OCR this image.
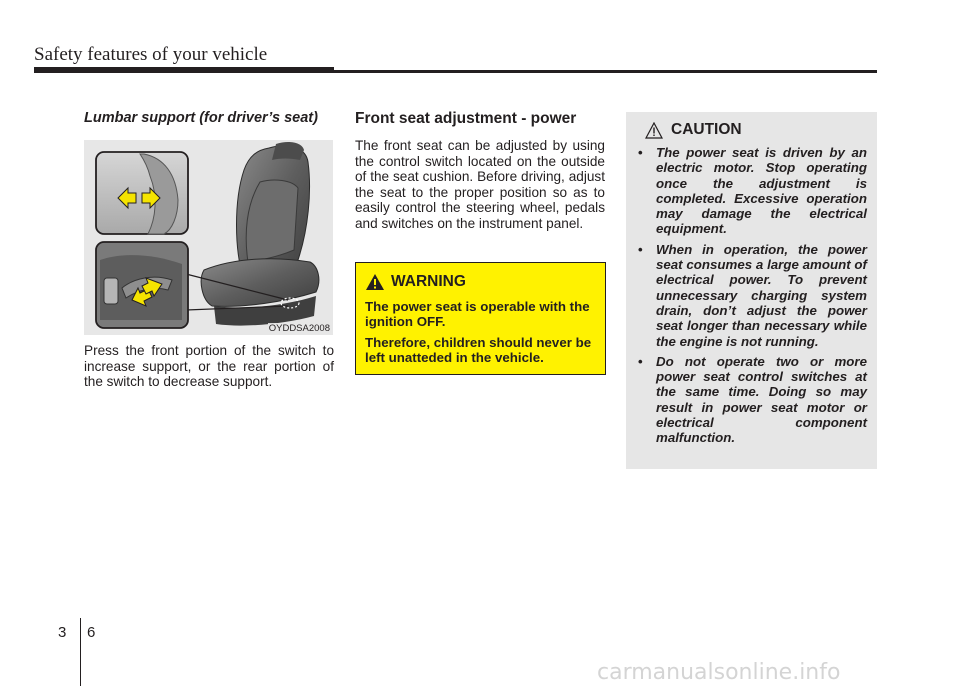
Safety features of your vehicle
Lumbar support (for driver’s seat)
OYDDSA2008

Press the front portion of the switch to increase support, or the rear portion of the switch to decrease support.

Front seat adjustment - power

The front seat can be adjusted by using the control switch located on the outside of the seat cushion. Before driving, adjust the seat to the proper position so as to easily control the steering wheel, pedals and switches on the instrument panel.

WARNING

The power seat is operable with the ignition OFF.

Therefore, children should never be left unatteded in the vehicle.

CAUTION

• The power seat is driven by an electric motor. Stop operating once the adjustment is completed. Excessive operation may damage the electrical equipment.

• When in operation, the power seat consumes a large amount of electrical power. To prevent unnecessary charging system drain, don’t adjust the power seat longer than necessary while the engine is not running.

• Do not operate two or more power seat control switches at the same time. Doing so may result in power seat motor or electrical component malfunction.

3 6
carmanualsonline.info
